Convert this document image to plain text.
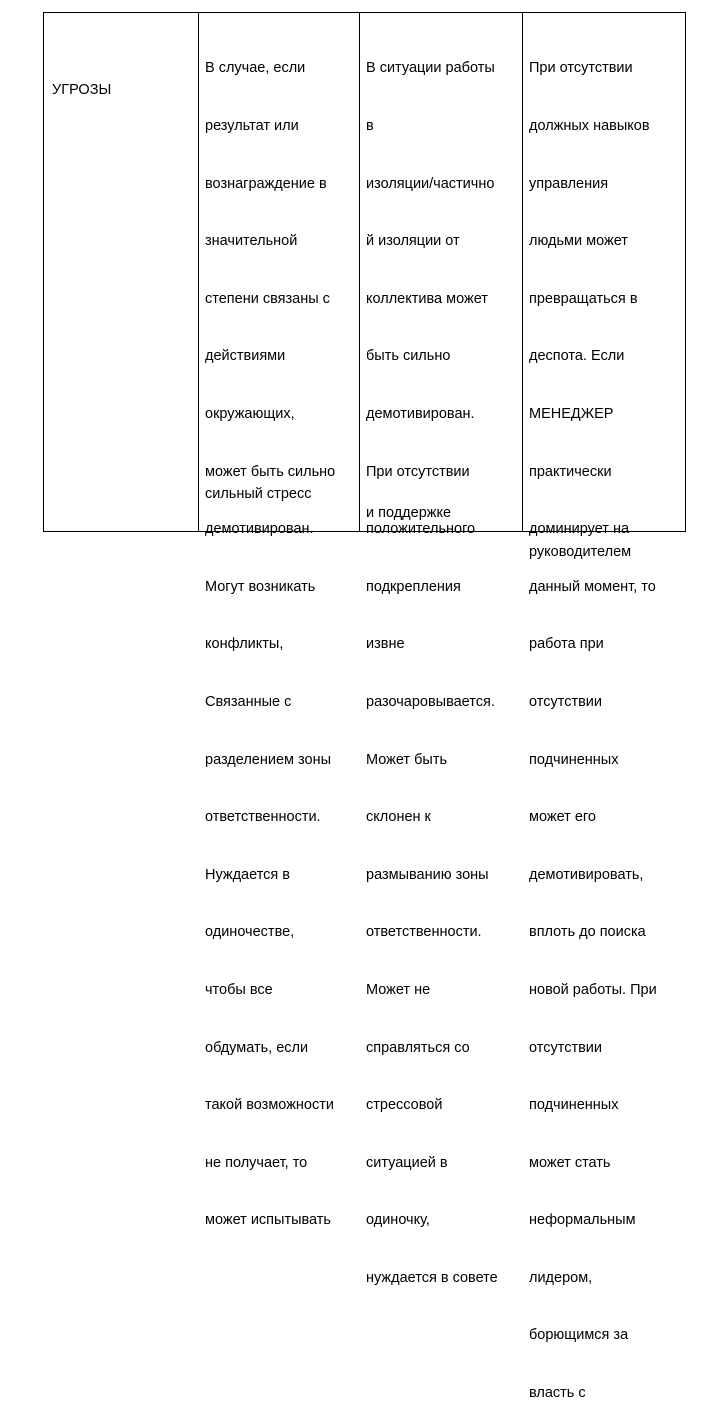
УГРОЗЫ

В случае, если

результат или

вознаграждение в

значительной

степени связаны с

действиями

окружающих,

может быть сильно

демотивирован.

Могут возникать

конфликты,

Связанные с

разделением зоны

ответственности.

Нуждается в

одиночестве,

чтобы все

обдумать, если

такой возможности

не получает, то

может испытывать

сильный стресс

В ситуации работы

в

изоляции/частично

й изоляции от

коллектива может

быть сильно

демотивирован.

При отсутствии

положительного

подкрепления

извне

разочаровывается.

Может быть

склонен к

размыванию зоны

ответственности.

Может не

справляться со

стрессовой

ситуацией в

одиночку,

нуждается в совете

и поддержке

При отсутствии

должных навыков

управления

людьми может

превращаться в

деспота. Если

МЕНЕДЖЕР

практически

доминирует на

данный момент, то

работа при

отсутствии

подчиненных

может его

демотивировать,

вплоть до поиска

новой работы. При

отсутствии

подчиненных

может стать

неформальным

лидером,

борющимся за

власть с

руководителем
